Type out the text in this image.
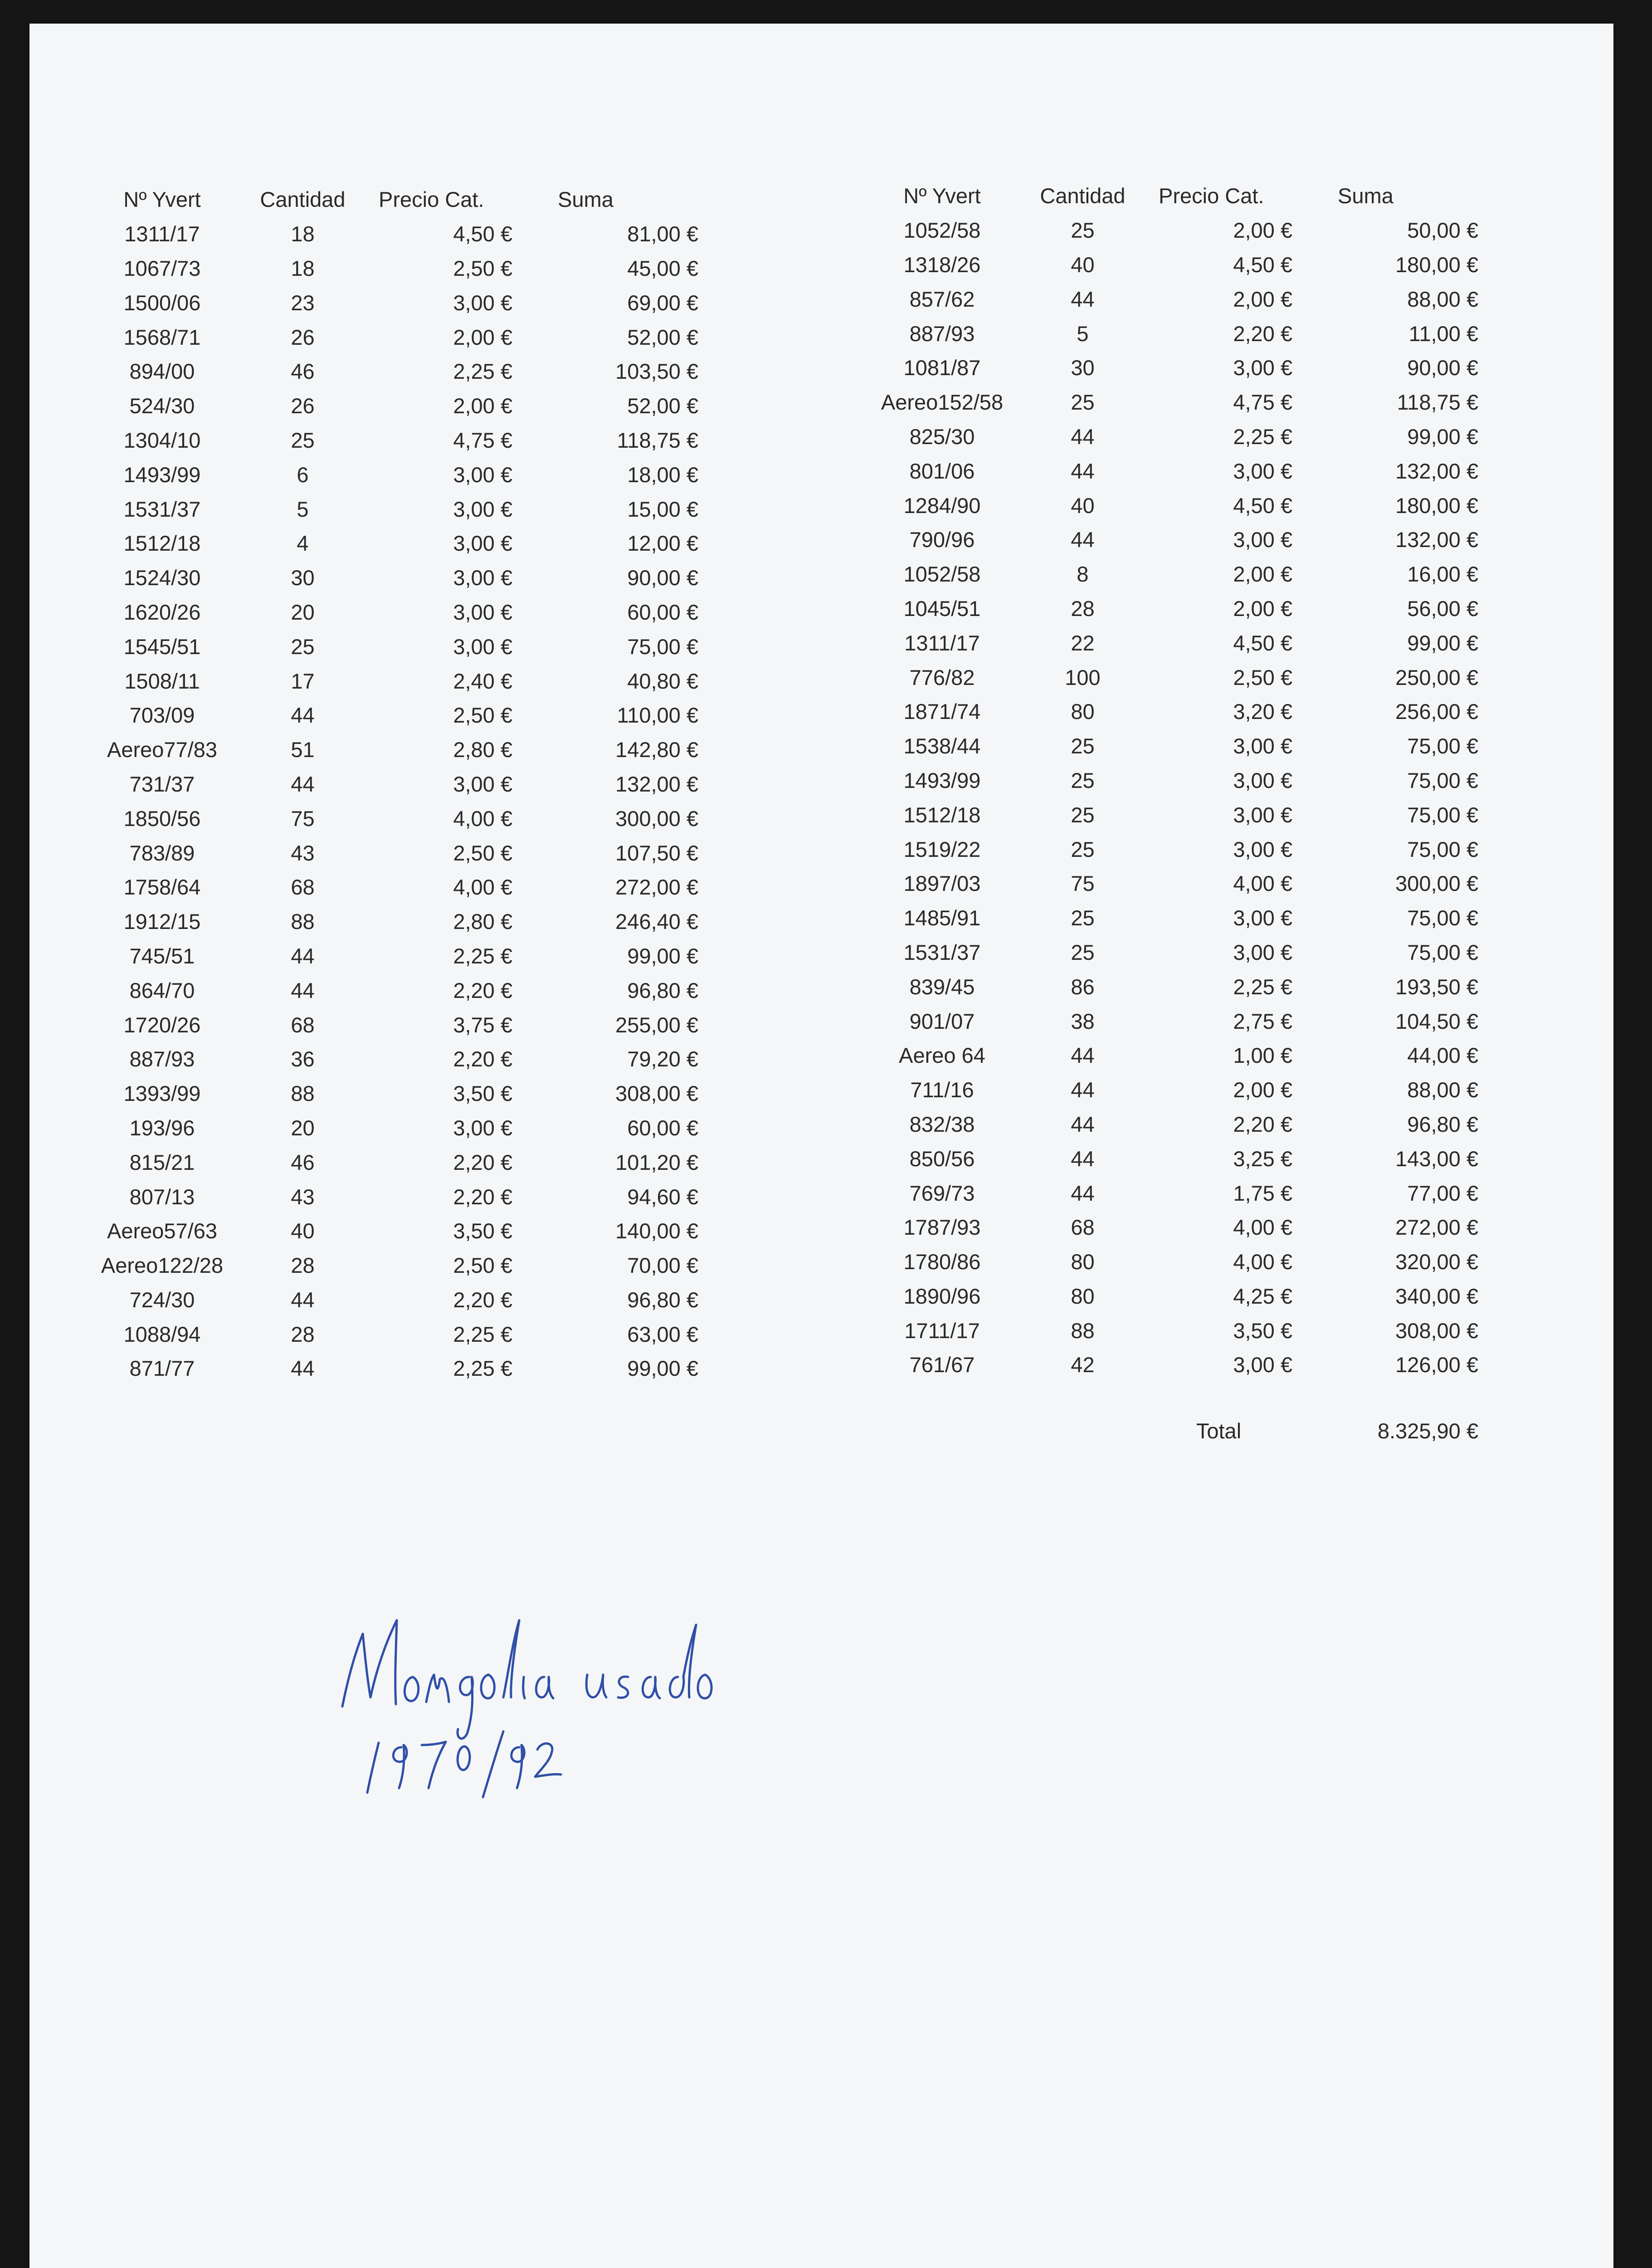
Nº Yvert	Cantidad	Precio Cat.	Suma
1311/17	18	4,50 €	81,00 €
1067/73	18	2,50 €	45,00 €
1500/06	23	3,00 €	69,00 €
1568/71	26	2,00 €	52,00 €
894/00	46	2,25 €	103,50 €
524/30	26	2,00 €	52,00 €
1304/10	25	4,75 €	118,75 €
1493/99	6	3,00 €	18,00 €
1531/37	5	3,00 €	15,00 €
1512/18	4	3,00 €	12,00 €
1524/30	30	3,00 €	90,00 €
1620/26	20	3,00 €	60,00 €
1545/51	25	3,00 €	75,00 €
1508/11	17	2,40 €	40,80 €
703/09	44	2,50 €	110,00 €
Aereo77/83	51	2,80 €	142,80 €
731/37	44	3,00 €	132,00 €
1850/56	75	4,00 €	300,00 €
783/89	43	2,50 €	107,50 €
1758/64	68	4,00 €	272,00 €
1912/15	88	2,80 €	246,40 €
745/51	44	2,25 €	99,00 €
864/70	44	2,20 €	96,80 €
1720/26	68	3,75 €	255,00 €
887/93	36	2,20 €	79,20 €
1393/99	88	3,50 €	308,00 €
193/96	20	3,00 €	60,00 €
815/21	46	2,20 €	101,20 €
807/13	43	2,20 €	94,60 €
Aereo57/63	40	3,50 €	140,00 €
Aereo122/28	28	2,50 €	70,00 €
724/30	44	2,20 €	96,80 €
1088/94	28	2,25 €	63,00 €
871/77	44	2,25 €	99,00 €
Nº Yvert	Cantidad	Precio Cat.	Suma
1052/58	25	2,00 €	50,00 €
1318/26	40	4,50 €	180,00 €
857/62	44	2,00 €	88,00 €
887/93	5	2,20 €	11,00 €
1081/87	30	3,00 €	90,00 €
Aereo152/58	25	4,75 €	118,75 €
825/30	44	2,25 €	99,00 €
801/06	44	3,00 €	132,00 €
1284/90	40	4,50 €	180,00 €
790/96	44	3,00 €	132,00 €
1052/58	8	2,00 €	16,00 €
1045/51	28	2,00 €	56,00 €
1311/17	22	4,50 €	99,00 €
776/82	100	2,50 €	250,00 €
1871/74	80	3,20 €	256,00 €
1538/44	25	3,00 €	75,00 €
1493/99	25	3,00 €	75,00 €
1512/18	25	3,00 €	75,00 €
1519/22	25	3,00 €	75,00 €
1897/03	75	4,00 €	300,00 €
1485/91	25	3,00 €	75,00 €
1531/37	25	3,00 €	75,00 €
839/45	86	2,25 €	193,50 €
901/07	38	2,75 €	104,50 €
Aereo 64	44	1,00 €	44,00 €
711/16	44	2,00 €	88,00 €
832/38	44	2,20 €	96,80 €
850/56	44	3,25 €	143,00 €
769/73	44	1,75 €	77,00 €
1787/93	68	4,00 €	272,00 €
1780/86	80	4,00 €	320,00 €
1890/96	80	4,25 €	340,00 €
1711/17	88	3,50 €	308,00 €
761/67	42	3,00 €	126,00 €
		Total	8.325,90 €
